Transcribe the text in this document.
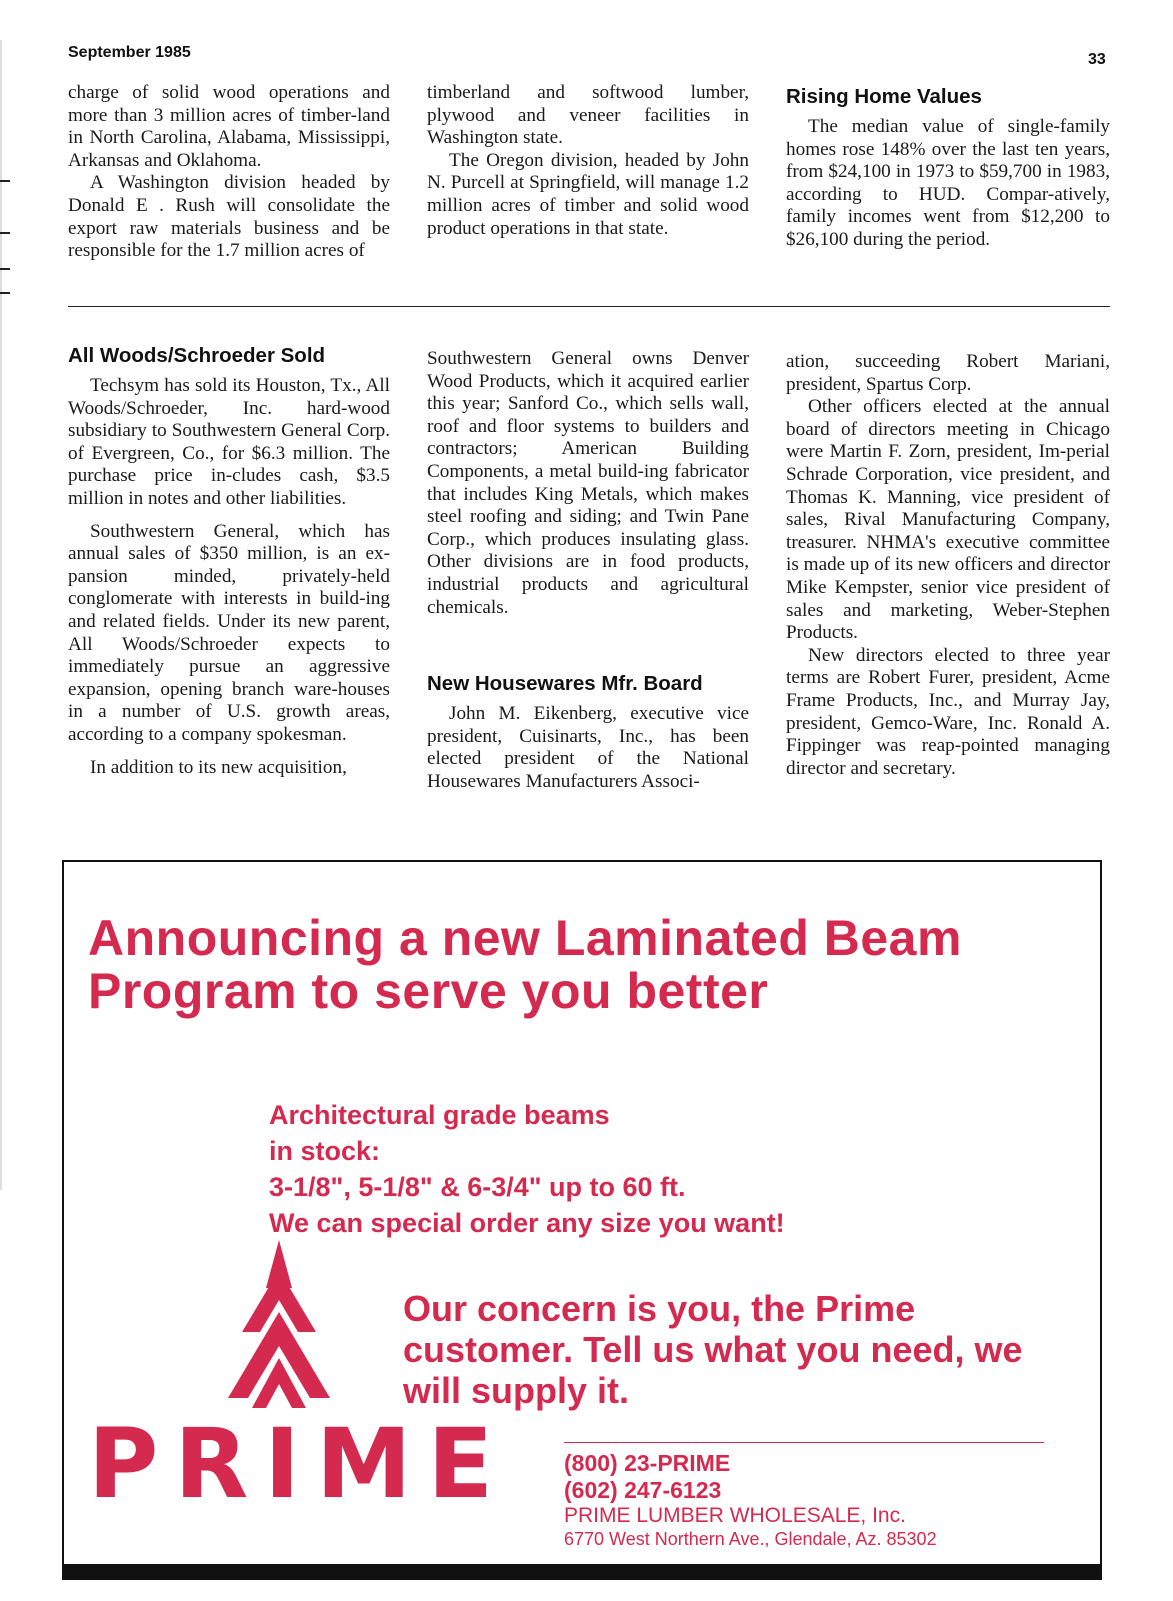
September 1985	33

charge of solid wood operations and more than 3 million acres of timber-land in North Carolina, Alabama, Mississippi, Arkansas and Oklahoma.

A Washington division headed by Donald E . Rush will consolidate the export raw materials business and be responsible for the 1.7 million acres of

timberland and softwood lumber, plywood and veneer facilities in Washington state.

The Oregon division, headed by John N. Purcell at Springfield, will manage 1.2 million acres of timber and solid wood product operations in that state.

Rising Home Values

The median value of single-family homes rose 148% over the last ten years, from $24,100 in 1973 to $59,700 in 1983, according to HUD. Compar-atively, family incomes went from $12,200 to $26,100 during the period.

All Woods/Schroeder Sold

Techsym has sold its Houston, Tx., All Woods/Schroeder, Inc. hard-wood subsidiary to Southwestern General Corp. of Evergreen, Co., for $6.3 million. The purchase price in-cludes cash, $3.5 million in notes and other liabilities.

Southwestern General, which has annual sales of $350 million, is an ex-pansion minded, privately-held conglomerate with interests in build-ing and related fields. Under its new parent, All Woods/Schroeder expects to immediately pursue an aggressive expansion, opening branch ware-houses in a number of U.S. growth areas, according to a company spokesman.

In addition to its new acquisition,

Southwestern General owns Denver Wood Products, which it acquired earlier this year; Sanford Co., which sells wall, roof and floor systems to builders and contractors; American Building Components, a metal build-ing fabricator that includes King Metals, which makes steel roofing and siding; and Twin Pane Corp., which produces insulating glass. Other divisions are in food products, industrial products and agricultural chemicals.

New Housewares Mfr. Board

John M. Eikenberg, executive vice president, Cuisinarts, Inc., has been elected president of the National Housewares Manufacturers Associ-

ation, succeeding Robert Mariani, president, Spartus Corp.

Other officers elected at the annual board of directors meeting in Chicago were Martin F. Zorn, president, Im-perial Schrade Corporation, vice president, and Thomas K. Manning, vice president of sales, Rival Manufacturing Company, treasurer. NHMA's executive committee is made up of its new officers and director Mike Kempster, senior vice president of sales and marketing, Weber-Stephen Products.

New directors elected to three year terms are Robert Furer, president, Acme Frame Products, Inc., and Murray Jay, president, Gemco-Ware, Inc. Ronald A. Fippinger was reap-pointed managing director and secretary.

Announcing a new Laminated Beam Program to serve you better
Architectural grade beams
in stock:
3-1/8", 5-1/8" & 6-3/4" up to 60 ft.
We can special order any size you want!
Our concern is you, the Prime customer. Tell us what you need, we will supply it.
PRIME (800) 23-PRIME
(602) 247-6123
PRIME LUMBER WHOLESALE, Inc.
6770 West Northern Ave., Glendale, Az. 85302
